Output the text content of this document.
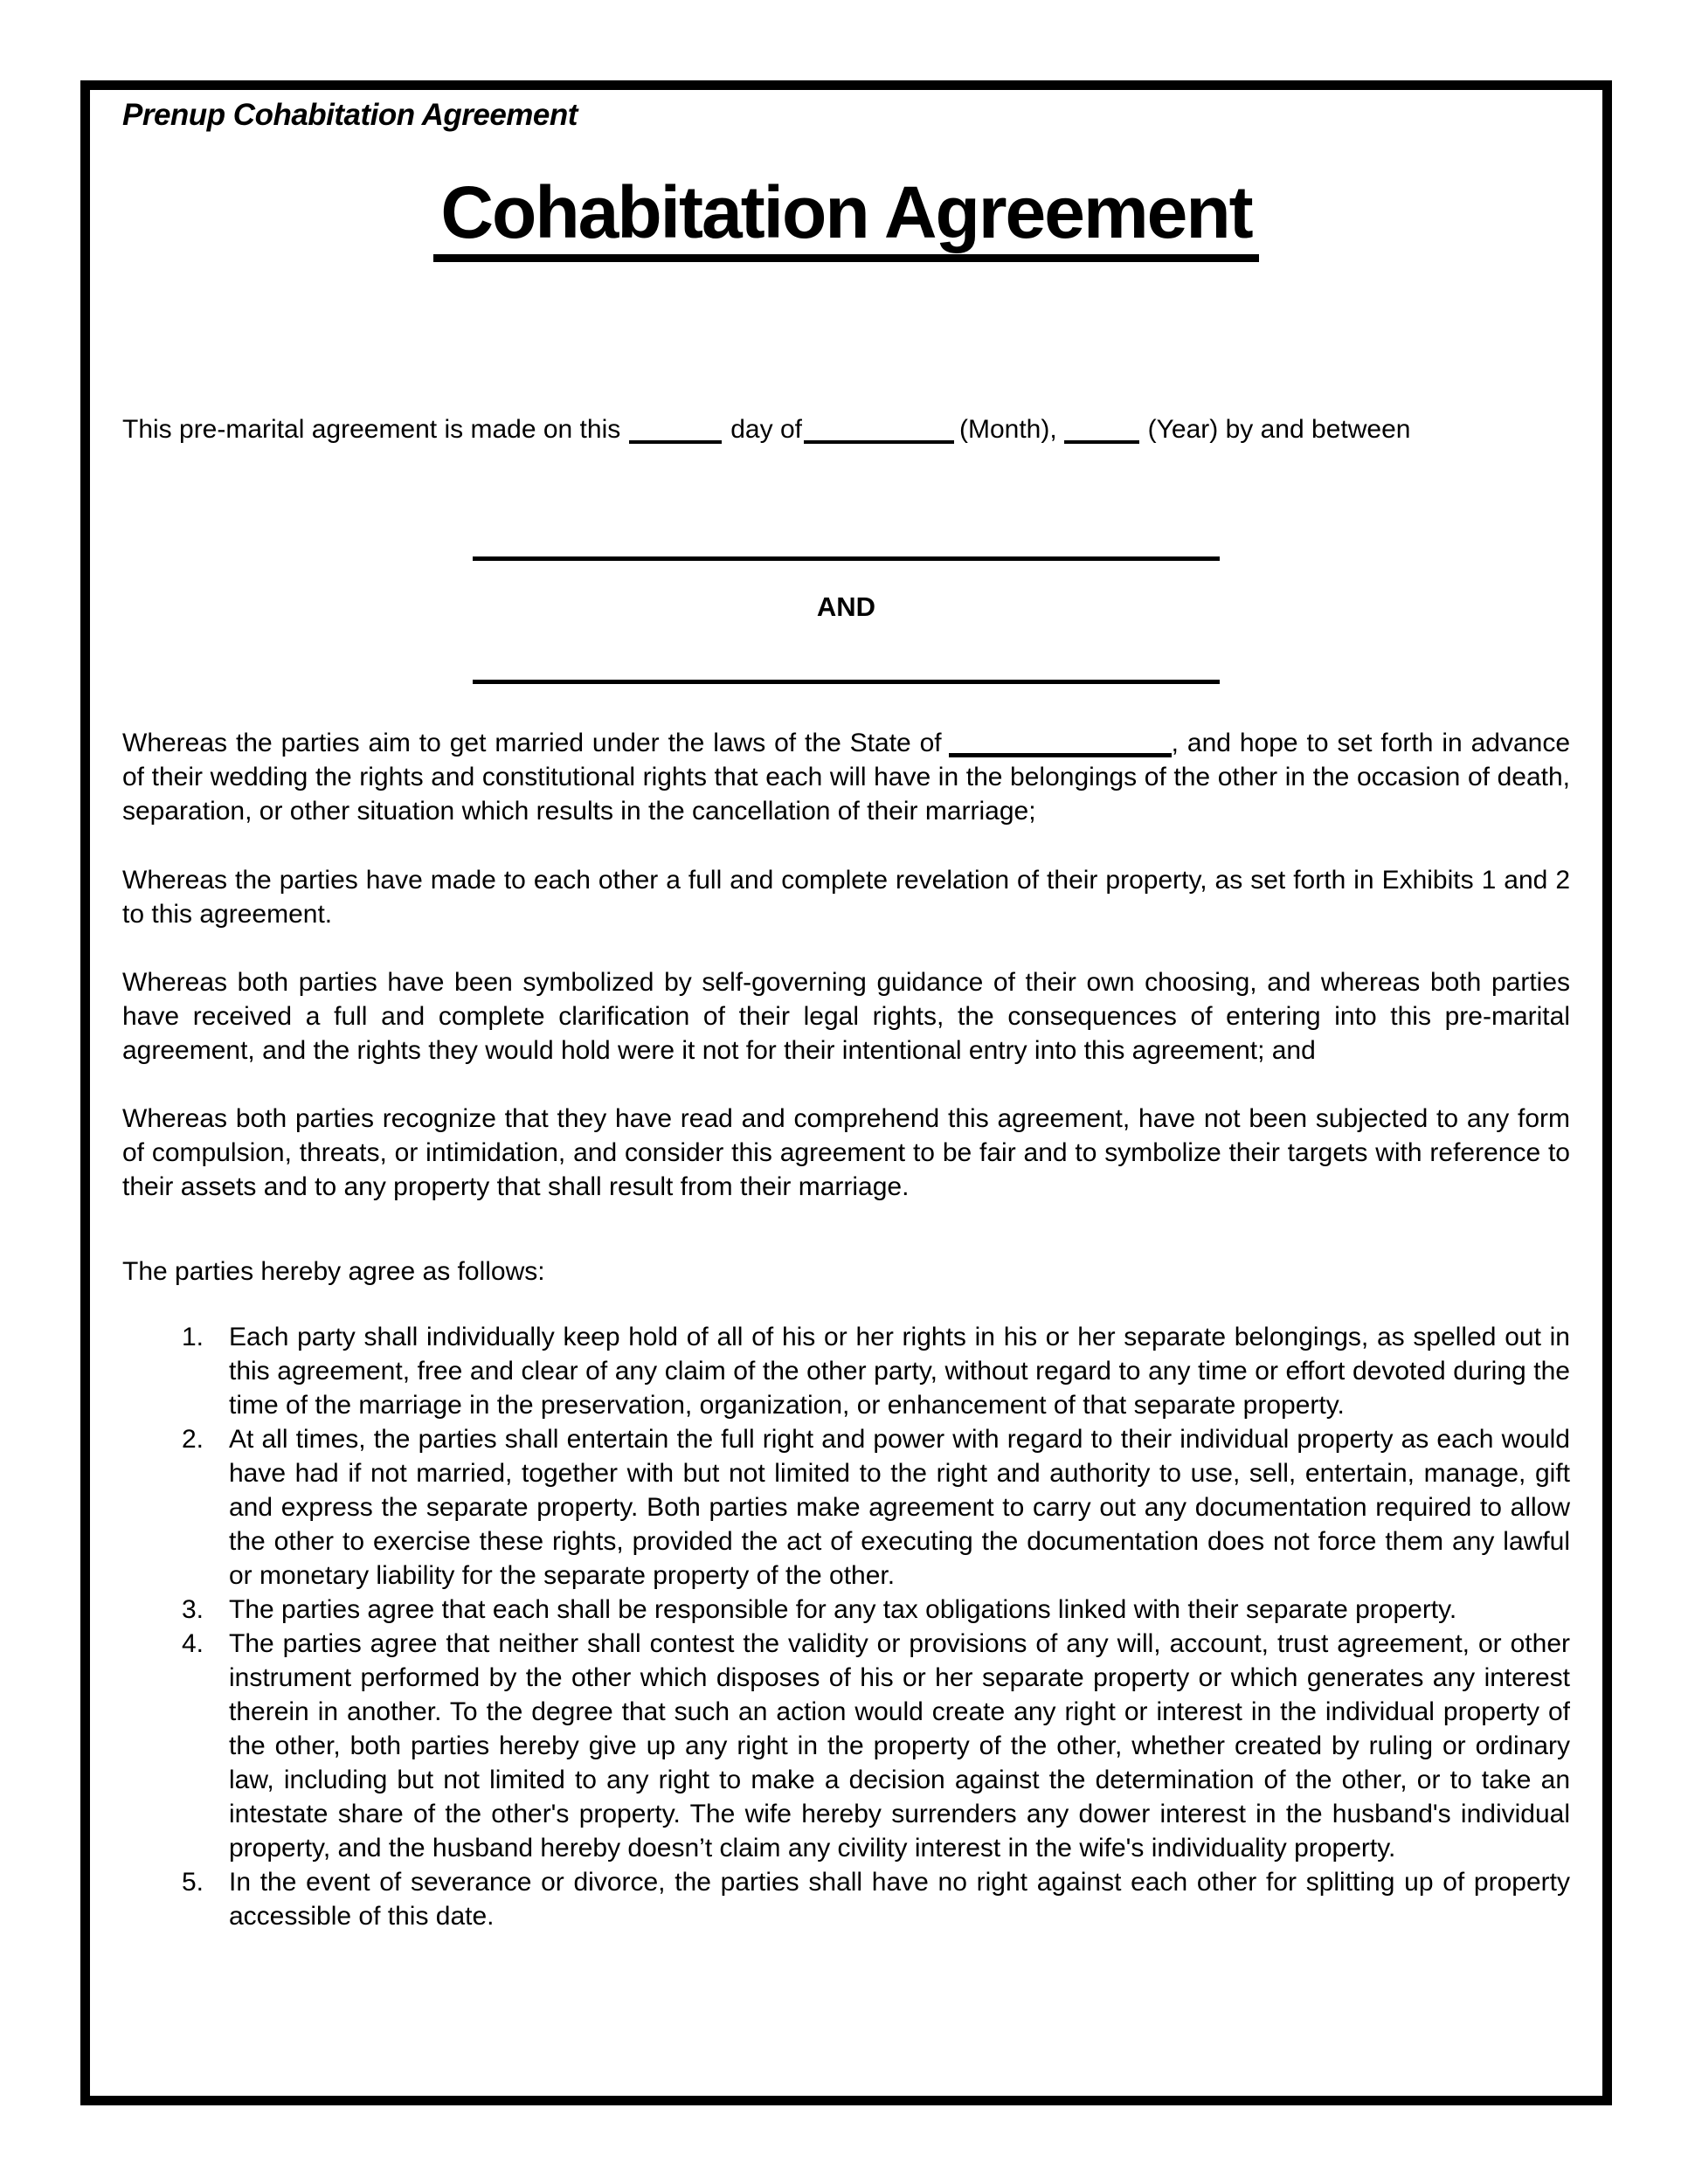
Prenup Cohabitation Agreement

Cohabitation Agreement

This pre-marital agreement is made on this	day of	(Month),	(Year) by and between

AND

Whereas the parties aim to get married under the laws of the State of	, and hope to set forth in advance of their wedding the rights and constitutional rights that each will have in the belongings of the other in the occasion of death, separation, or other situation which results in the cancellation of their marriage;

Whereas the parties have made to each other a full and complete revelation of their property, as set forth in Exhibits 1 and 2 to this agreement.

Whereas both parties have been symbolized by self-governing guidance of their own choosing, and whereas both parties have received a full and complete clarification of their legal rights, the consequences of entering into this pre-marital agreement, and the rights they would hold were it not for their intentional entry into this agreement; and

Whereas both parties recognize that they have read and comprehend this agreement, have not been subjected to any form of compulsion, threats, or intimidation, and consider this agreement to be fair and to symbolize their targets with reference to their assets and to any property that shall result from their marriage.

The parties hereby agree as follows:

1. Each party shall individually keep hold of all of his or her rights in his or her separate belongings, as spelled out in this agreement, free and clear of any claim of the other party, without regard to any time or effort devoted during the time of the marriage in the preservation, organization, or enhancement of that separate property.
2. At all times, the parties shall entertain the full right and power with regard to their individual property as each would have had if not married, together with but not limited to the right and authority to use, sell, entertain, manage, gift and express the separate property. Both parties make agreement to carry out any documentation required to allow the other to exercise these rights, provided the act of executing the documentation does not force them any lawful or monetary liability for the separate property of the other.
3. The parties agree that each shall be responsible for any tax obligations linked with their separate property.
4. The parties agree that neither shall contest the validity or provisions of any will, account, trust agreement, or other instrument performed by the other which disposes of his or her separate property or which generates any interest therein in another. To the degree that such an action would create any right or interest in the individual property of the other, both parties hereby give up any right in the property of the other, whether created by ruling or ordinary law, including but not limited to any right to make a decision against the determination of the other, or to take an intestate share of the other's property. The wife hereby surrenders any dower interest in the husband's individual property, and the husband hereby doesn’t claim any civility interest in the wife's individuality property.
5. In the event of severance or divorce, the parties shall have no right against each other for splitting up of property accessible of this date.
